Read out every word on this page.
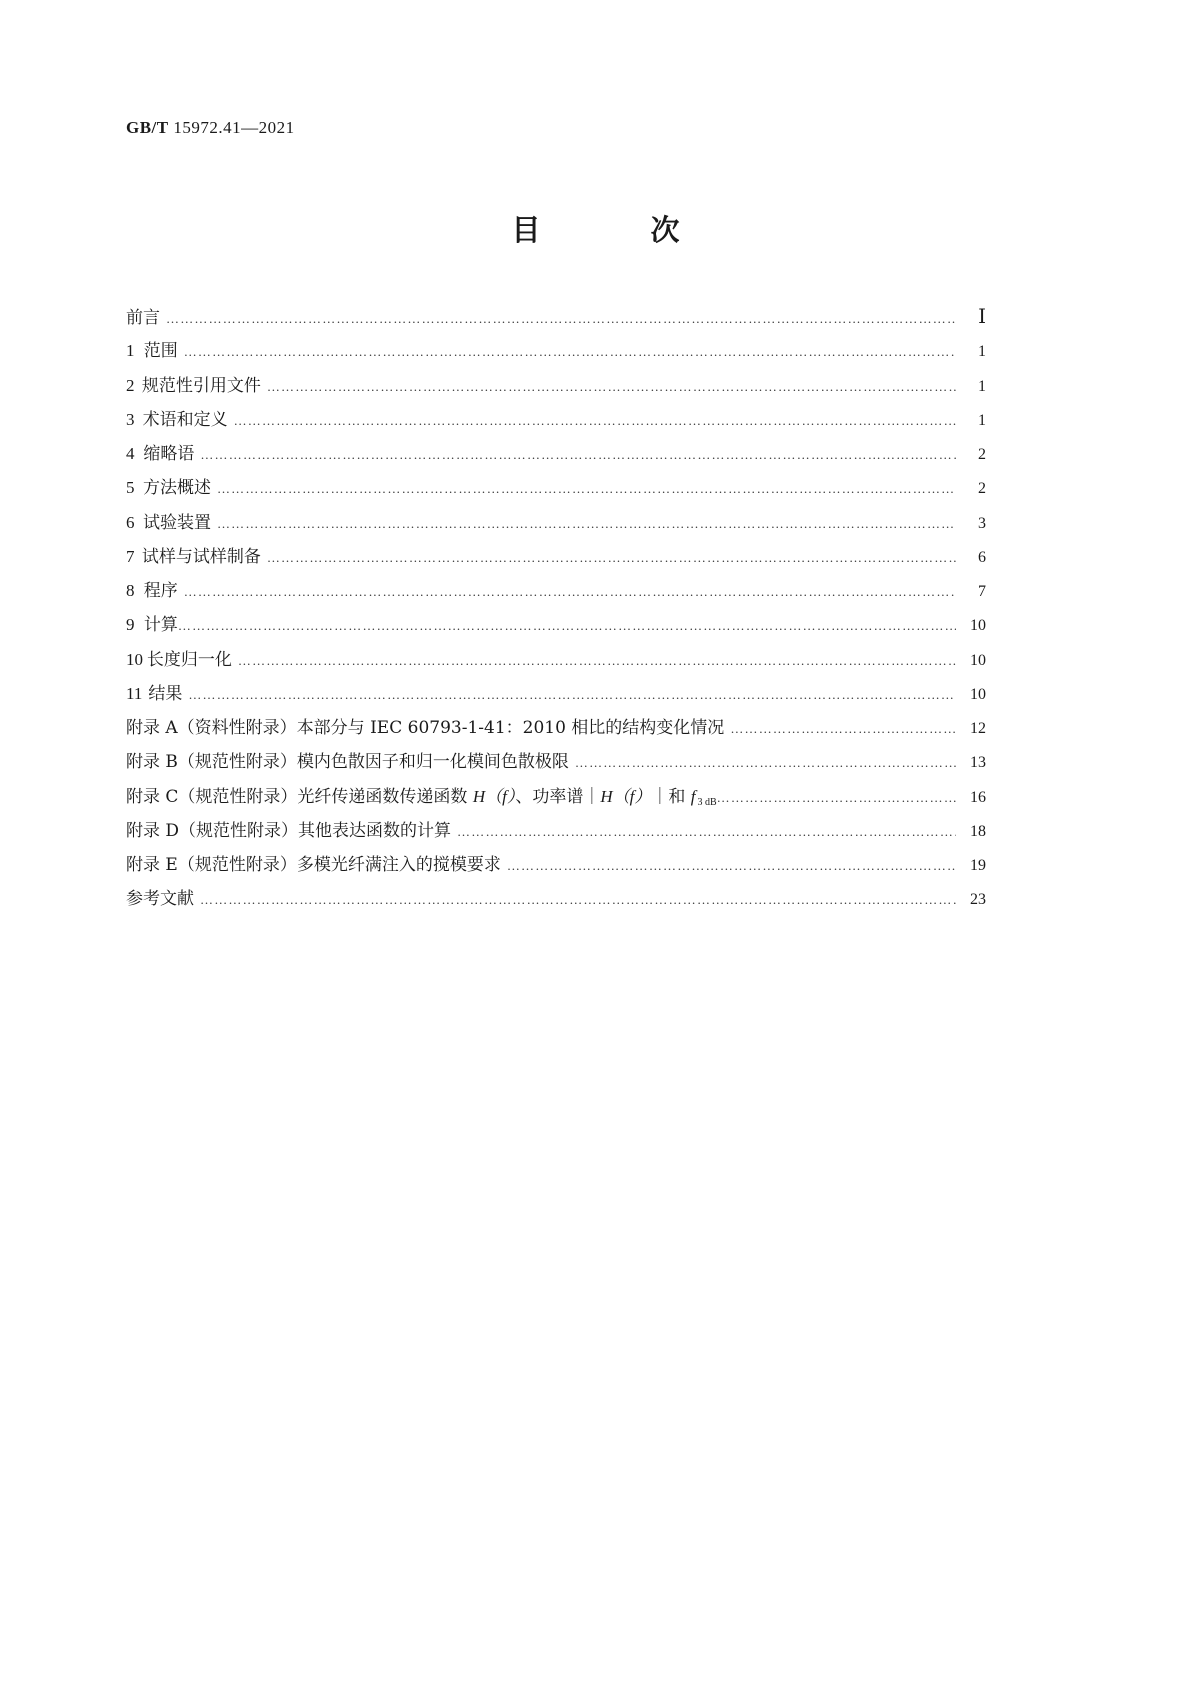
GB/T 15972.41—2021
目 次
前言 ……………………………………………………………………………………………………………………………………………………………………………………………………………………………………………………	Ⅰ
1 范围 ……………………………………………………………………………………………………………………………………………………………………………………………………………………………………………………	1
2 规范性引用文件 ……………………………………………………………………………………………………………………………………………………………………………………………………………………………………………………	1
3 术语和定义 ……………………………………………………………………………………………………………………………………………………………………………………………………………………………………………………	1
4 缩略语 ……………………………………………………………………………………………………………………………………………………………………………………………………………………………………………………	2
5 方法概述 ……………………………………………………………………………………………………………………………………………………………………………………………………………………………………………………	2
6 试验装置 ……………………………………………………………………………………………………………………………………………………………………………………………………………………………………………………	3
7 试样与试样制备 ……………………………………………………………………………………………………………………………………………………………………………………………………………………………………………………	6
8 程序 ……………………………………………………………………………………………………………………………………………………………………………………………………………………………………………………	7
9 计算 ……………………………………………………………………………………………………………………………………………………………………………………………………………………………………………………	10
10 长度归一化 ……………………………………………………………………………………………………………………………………………………………………………………………………………………………………………………	10
11 结果 ……………………………………………………………………………………………………………………………………………………………………………………………………………………………………………………	10
附录 A（资料性附录） 本部分与 IEC 60793-1-41：2010 相比的结构变化情况 ……………………………………………………………………………………………………………………………………………………………………………………………………………………………………………………	12
附录 B（规范性附录） 模内色散因子和归一化模间色散极限 ……………………………………………………………………………………………………………………………………………………………………………………………………………………………………………………	13
附录 C（规范性附录） 光纤传递函数传递函数 H（f）、功率谱｜H（f）｜和 f $_{3 dB}$ ……………………………………………………………………………………………………………………………………………………………………………………………………………………………………………………	16
附录 D（规范性附录） 其他表达函数的计算 ……………………………………………………………………………………………………………………………………………………………………………………………………………………………………………………	18
附录 E（规范性附录） 多模光纤满注入的搅模要求 ……………………………………………………………………………………………………………………………………………………………………………………………………………………………………………………	19
参考文献 ……………………………………………………………………………………………………………………………………………………………………………………………………………………………………………………	23
